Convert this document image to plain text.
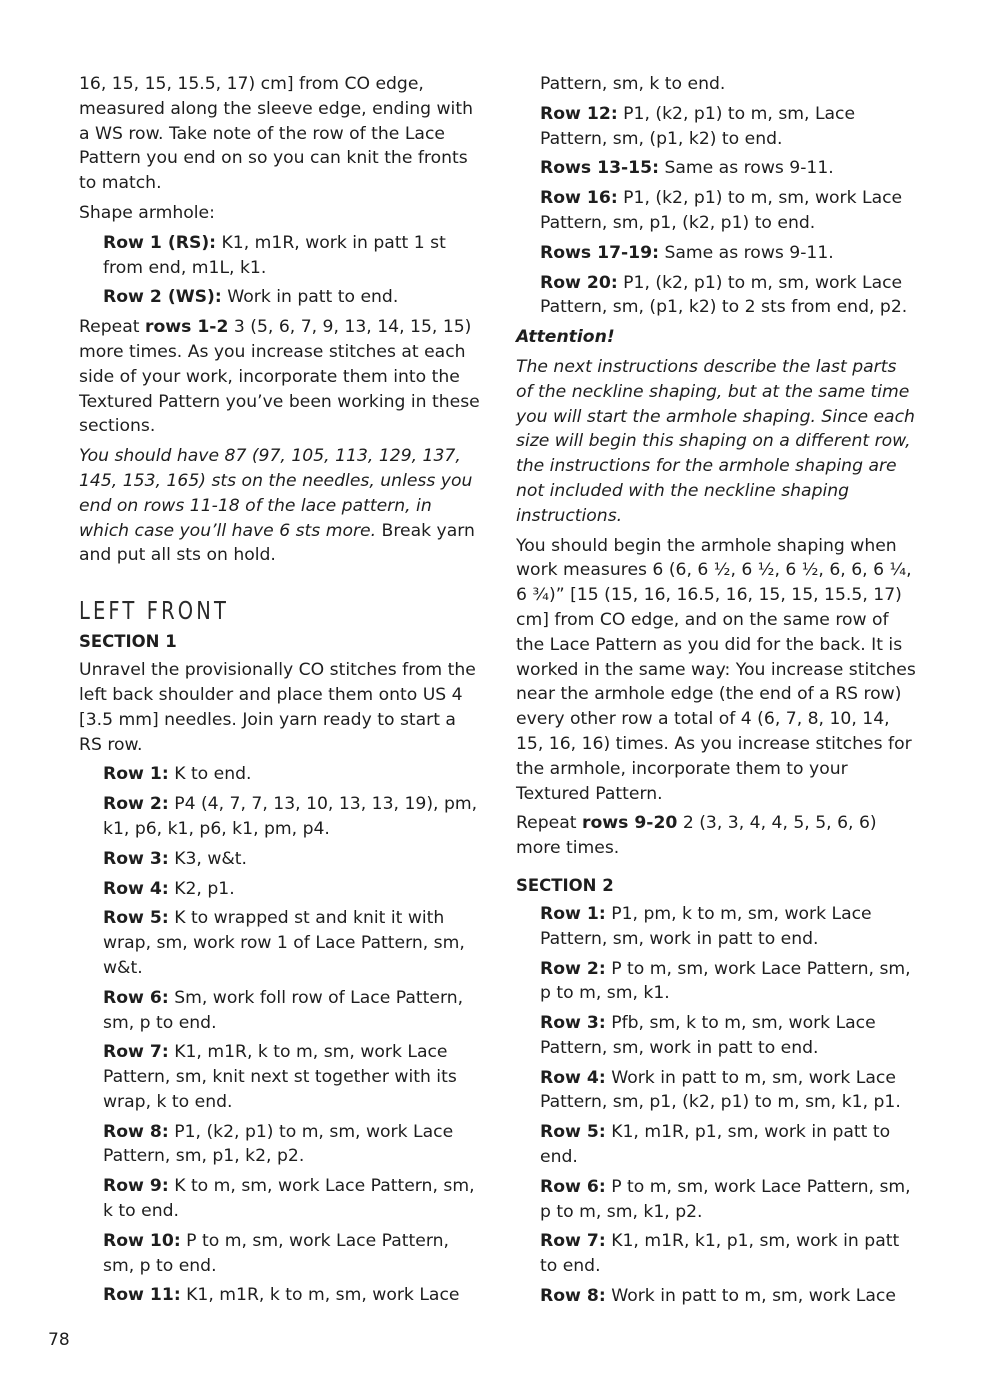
16, 15, 15, 15.5, 17) cm] from CO edge, measured along the sleeve edge, ending with a WS row. Take note of the row of the Lace Pattern you end on so you can knit the fronts to match.

Shape armhole:

Row 1 (RS): K1, m1R, work in patt 1 st from end, m1L, k1.

Row 2 (WS): Work in patt to end.

Repeat rows 1-2 3 (5, 6, 7, 9, 13, 14, 15, 15) more times. As you increase stitches at each side of your work, incorporate them into the Textured Pattern you’ve been working in these sections.

You should have 87 (97, 105, 113, 129, 137, 145, 153, 165) sts on the needles, unless you end on rows 11-18 of the lace pattern, in which case you’ll have 6 sts more. Break yarn and put all sts on hold.

LEFT FRONT
SECTION 1

Unravel the provisionally CO stitches from the left back shoulder and place them onto US 4 [3.5 mm] needles. Join yarn ready to start a RS row.

Row 1: K to end.

Row 2: P4 (4, 7, 7, 13, 10, 13, 13, 19), pm, k1, p6, k1, p6, k1, pm, p4.

Row 3: K3, w&t.

Row 4: K2, p1.

Row 5: K to wrapped st and knit it with wrap, sm, work row 1 of Lace Pattern, sm, w&t.

Row 6: Sm, work foll row of Lace Pattern, sm, p to end.

Row 7: K1, m1R, k to m, sm, work Lace Pattern, sm, knit next st together with its wrap, k to end.

Row 8: P1, (k2, p1) to m, sm, work Lace Pattern, sm, p1, k2, p2.

Row 9: K to m, sm, work Lace Pattern, sm, k to end.

Row 10: P to m, sm, work Lace Pattern, sm, p to end.

Row 11: K1, m1R, k to m, sm, work Lace

Pattern, sm, k to end.

Row 12: P1, (k2, p1) to m, sm, Lace Pattern, sm, (p1, k2) to end.

Rows 13-15: Same as rows 9-11.

Row 16: P1, (k2, p1) to m, sm, work Lace Pattern, sm, p1, (k2, p1) to end.

Rows 17-19: Same as rows 9-11.

Row 20: P1, (k2, p1) to m, sm, work Lace Pattern, sm, (p1, k2) to 2 sts from end, p2.

Attention!

The next instructions describe the last parts of the neckline shaping, but at the same time you will start the armhole shaping. Since each size will begin this shaping on a different row, the instructions for the armhole shaping are not included with the neckline shaping instructions.

You should begin the armhole shaping when work measures 6 (6, 6 ½, 6 ½, 6 ½, 6, 6, 6 ¼, 6 ¾)” [15 (15, 16, 16.5, 16, 15, 15, 15.5, 17) cm] from CO edge, and on the same row of the Lace Pattern as you did for the back. It is worked in the same way: You increase stitches near the armhole edge (the end of a RS row) every other row a total of 4 (6, 7, 8, 10, 14, 15, 16, 16) times. As you increase stitches for the armhole, incorporate them to your Textured Pattern.

Repeat rows 9-20 2 (3, 3, 4, 4, 5, 5, 6, 6) more times.

SECTION 2

Row 1: P1, pm, k to m, sm, work Lace Pattern, sm, work in patt to end.

Row 2: P to m, sm, work Lace Pattern, sm, p to m, sm, k1.

Row 3: Pfb, sm, k to m, sm, work Lace Pattern, sm, work in patt to end.

Row 4: Work in patt to m, sm, work Lace Pattern, sm, p1, (k2, p1) to m, sm, k1, p1.

Row 5: K1, m1R, p1, sm, work in patt to end.

Row 6: P to m, sm, work Lace Pattern, sm, p to m, sm, k1, p2.

Row 7: K1, m1R, k1, p1, sm, work in patt to end.

Row 8: Work in patt to m, sm, work Lace

78
